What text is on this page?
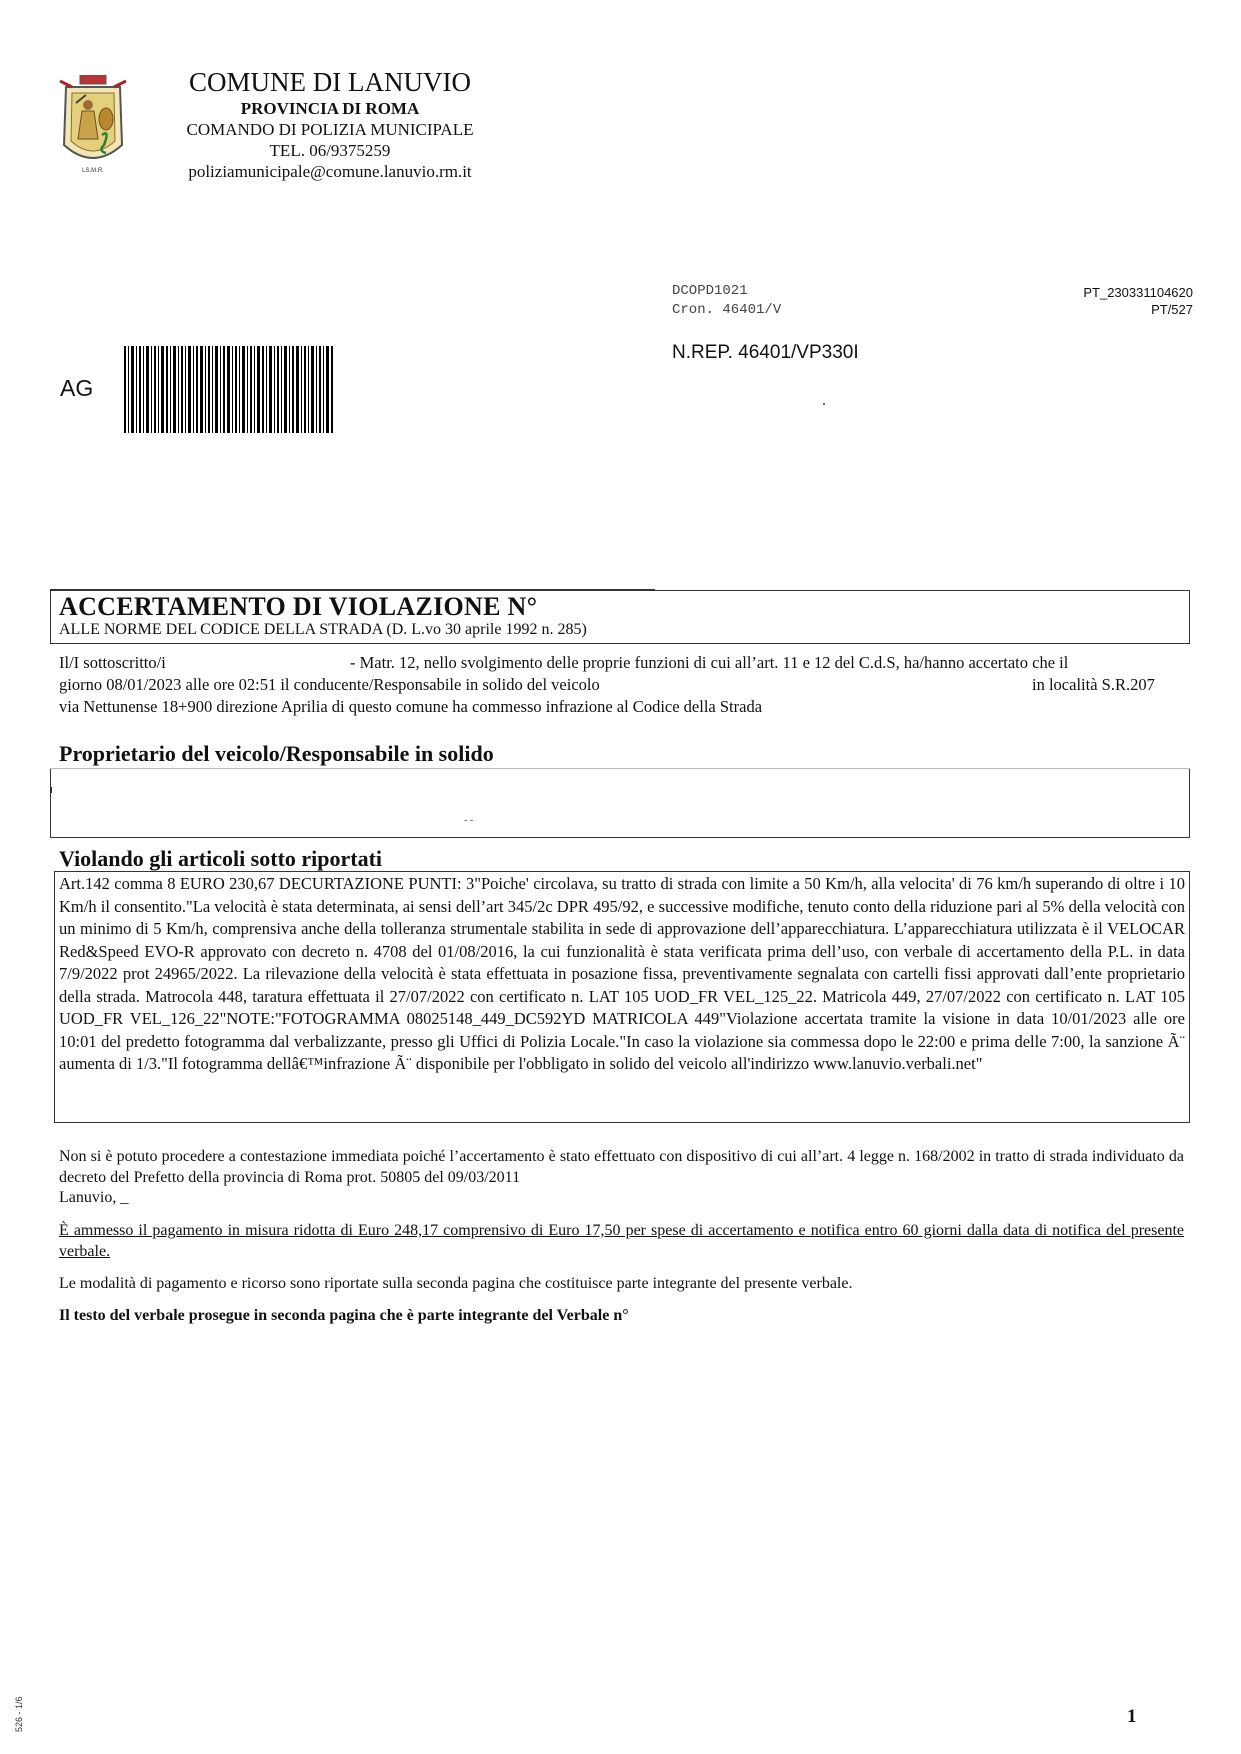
LS.M.R.
COMUNE DI LANUVIO
PROVINCIA DI ROMA
COMANDO DI POLIZIA MUNICIPALE
TEL. 06/9375259
poliziamunicipale@comune.lanuvio.rm.it
DCOPD1021
Cron. 46401/V
PT_230331104620
PT/527
N.REP. 46401/VP330I
AG
ACCERTAMENTO DI VIOLAZIONE N°
ALLE NORME DEL CODICE DELLA STRADA (D. L.vo 30 aprile 1992 n. 285)
Il/I sottoscritto/i	- Matr. 12, nello svolgimento delle proprie funzioni di cui all’art. 11 e 12 del C.d.S, ha/hanno accertato che il
giorno 08/01/2023 alle ore 02:51 il conducente/Responsabile in solido del veicolo	in località S.R.207
via Nettunense 18+900 direzione Aprilia di questo comune ha commesso infrazione al Codice della Strada
Proprietario del veicolo/Responsabile in solido
- -
Violando gli articoli sotto riportati
Art.142 comma 8 EURO 230,67 DECURTAZIONE PUNTI: 3"Poiche' circolava, su tratto di strada con limite a 50 Km/h, alla velocita' di 76 km/h superando di oltre i 10 Km/h il consentito."La velocità è stata determinata, ai sensi dell’art 345/2c DPR 495/92, e successive modifiche, tenuto conto della riduzione pari al 5% della velocità con un minimo di 5 Km/h, comprensiva anche della tolleranza strumentale stabilita in sede di approvazione dell’apparecchiatura. L’apparecchiatura utilizzata è il VELOCAR Red&Speed EVO-R approvato con decreto n. 4708 del 01/08/2016, la cui funzionalità è stata verificata prima dell’uso, con verbale di accertamento della P.L. in data 7/9/2022 prot 24965/2022. La rilevazione della velocità è stata effettuata in posazione fissa, preventivamente segnalata con cartelli fissi approvati dall’ente proprietario della strada. Matrocola 448, taratura effettuata il 27/07/2022 con certificato n. LAT 105 UOD_FR VEL_125_22. Matricola 449, 27/07/2022 con certificato n. LAT 105 UOD_FR VEL_126_22"NOTE:"FOTOGRAMMA 08025148_449_DC592YD MATRICOLA 449"Violazione accertata tramite la visione in data 10/01/2023 alle ore 10:01 del predetto fotogramma dal verbalizzante, presso gli Uffici di Polizia Locale."In caso la violazione sia commessa dopo le 22:00 e prima delle 7:00, la sanzione Ã¨ aumenta di 1/3."Il fotogramma dellâ€™infrazione Ã¨ disponibile per l'obbligato in solido del veicolo all'indirizzo www.lanuvio.verbali.net"
Non si è potuto procedere a contestazione immediata poiché l’accertamento è stato effettuato con dispositivo di cui all’art. 4 legge n. 168/2002 in tratto di strada individuato da decreto del Prefetto della provincia di Roma prot. 50805 del 09/03/2011
Lanuvio, _
È ammesso il pagamento in misura ridotta di Euro 248,17 comprensivo di Euro 17,50 per spese di accertamento e notifica entro 60 giorni dalla data di notifica del presente verbale.
Le modalità di pagamento e ricorso sono riportate sulla seconda pagina che costituisce parte integrante del presente verbale.
Il testo del verbale prosegue in seconda pagina che è parte integrante del Verbale n°
1
526 - 1/6
